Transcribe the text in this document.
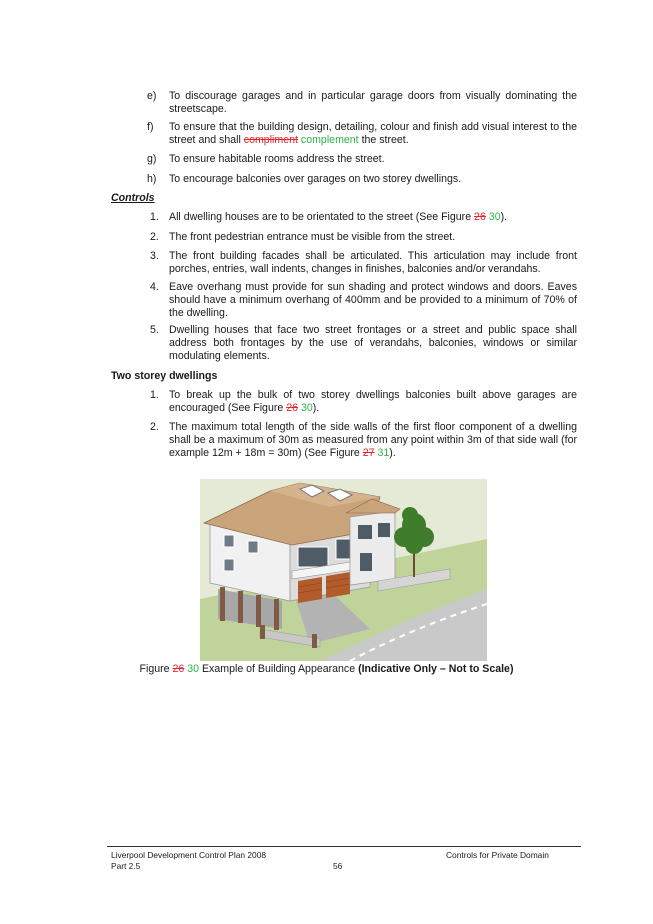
e)	To discourage garages and in particular garage doors from visually dominating the streetscape.
f)	To ensure that the building design, detailing, colour and finish add visual interest to the street and shall compliment complement the street.
g)	To ensure habitable rooms address the street.
h)	To encourage balconies over garages on two storey dwellings.
Controls
1. All dwelling houses are to be orientated to the street (See Figure 26 30).
2. The front pedestrian entrance must be visible from the street.
3. The front building facades shall be articulated. This articulation may include front porches, entries, wall indents, changes in finishes, balconies and/or verandahs.
4. Eave overhang must provide for sun shading and protect windows and doors. Eaves should have a minimum overhang of 400mm and be provided to a minimum of 70% of the dwelling.
5. Dwelling houses that face two street frontages or a street and public space shall address both frontages by the use of verandahs, balconies, windows or similar modulating elements.
Two storey dwellings
1. To break up the bulk of two storey dwellings balconies built above garages are encouraged (See Figure 26 30).
2. The maximum total length of the side walls of the first floor component of a dwelling shall be a maximum of 30m as measured from any point within 3m of that side wall (for example 12m + 18m = 30m) (See Figure 27 31).
Figure 26 30 Example of Building Appearance (Indicative Only – Not to Scale)
Liverpool Development Control Plan 2008
Part 2.5	56
Controls for Private Domain
